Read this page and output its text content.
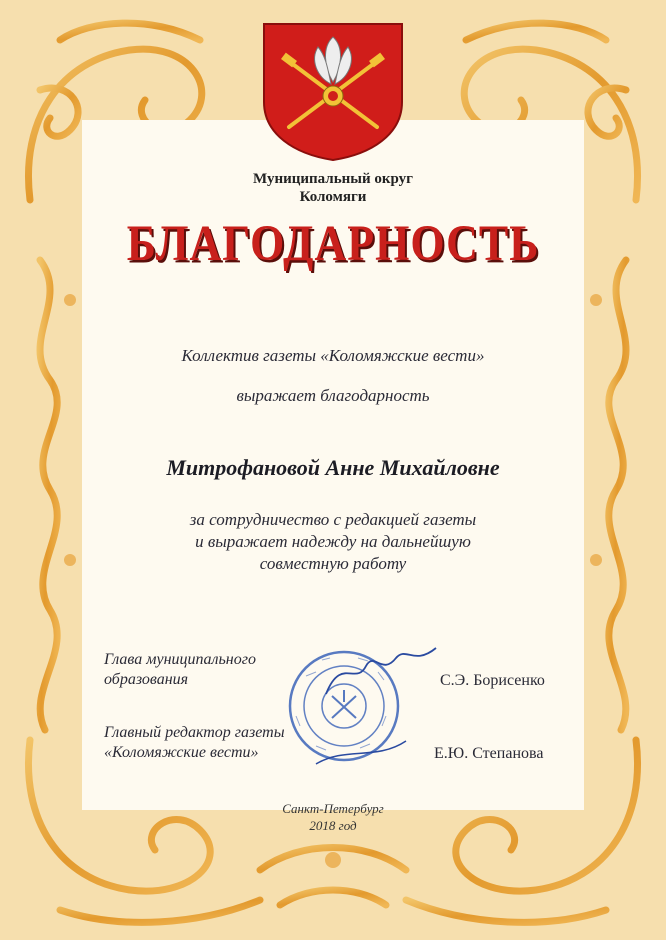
Муниципальный округ
Коломяги
БЛАГОДАРНОСТЬ
Коллектив газеты «Коломяжские вести»
выражает благодарность
Митрофановой Анне Михайловне
за сотрудничество с редакцией газеты
и выражает надежду на дальнейшую
совместную работу
Глава муниципального
образования	С.Э. Борисенко
Главный редактор газеты
«Коломяжские вести»	Е.Ю. Степанова
Санкт-Петербург
2018 год
